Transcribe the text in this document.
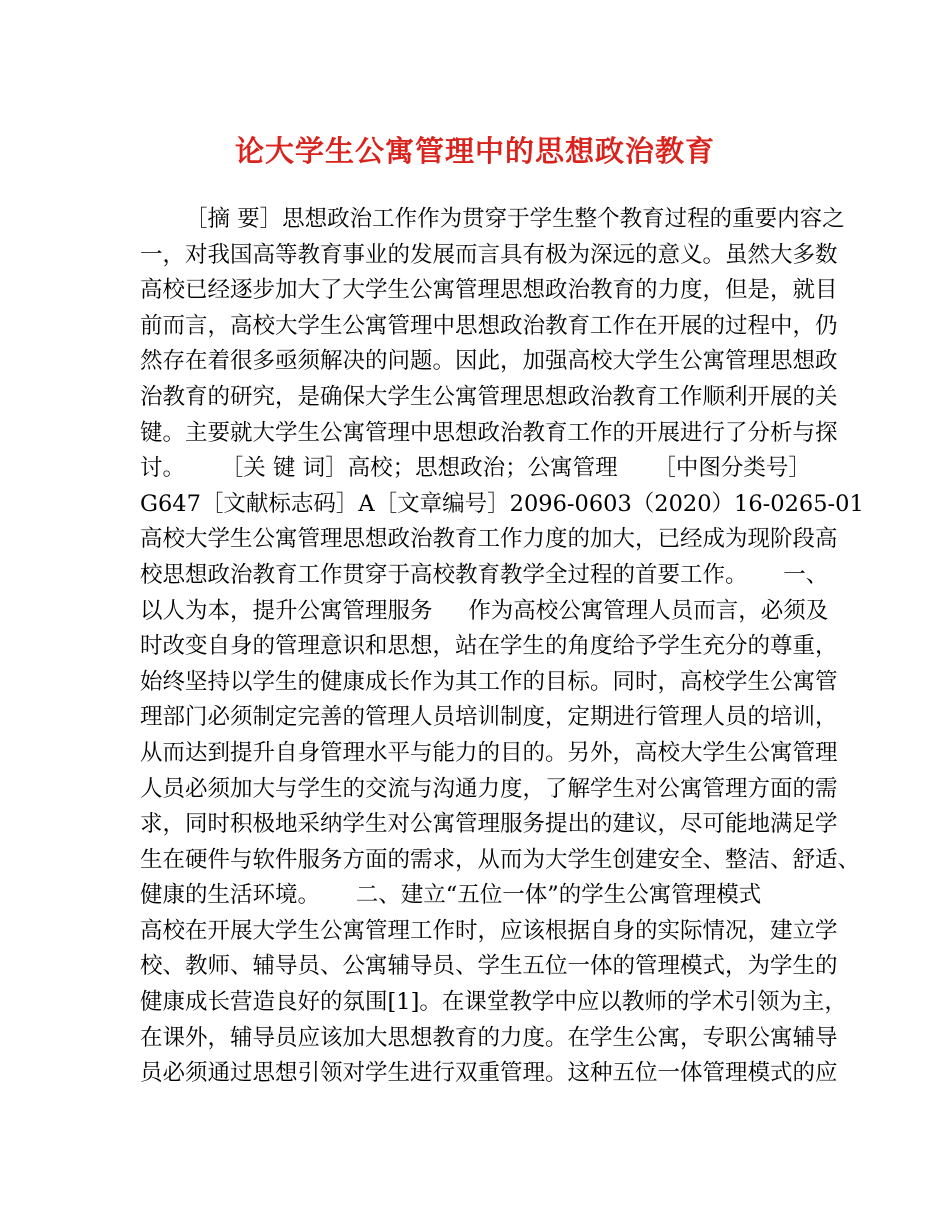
论大学生公寓管理中的思想政治教育
［摘 要］思想政治工作作为贯穿于学生整个教育过程的重要内容之
一，对我国高等教育事业的发展而言具有极为深远的意义。虽然大多数
高校已经逐步加大了大学生公寓管理思想政治教育的力度，但是，就目
前而言，高校大学生公寓管理中思想政治教育工作在开展的过程中，仍
然存在着很多亟须解决的问题。因此，加强高校大学生公寓管理思想政
治教育的研究，是确保大学生公寓管理思想政治教育工作顺利开展的关
键。主要就大学生公寓管理中思想政治教育工作的开展进行了分析与探
讨。     ［关 键 词］高校；思想政治；公寓管理     ［中图分类号］
G647［文献标志码］A［文章编号］2096-0603（2020）16-0265-01
高校大学生公寓管理思想政治教育工作力度的加大，已经成为现阶段高
校思想政治教育工作贯穿于高校教育教学全过程的首要工作。     一、
以人为本，提升公寓管理服务     作为高校公寓管理人员而言，必须及
时改变自身的管理意识和思想，站在学生的角度给予学生充分的尊重，
始终坚持以学生的健康成长作为其工作的目标。同时，高校学生公寓管
理部门必须制定完善的管理人员培训制度，定期进行管理人员的培训，
从而达到提升自身管理水平与能力的目的。另外，高校大学生公寓管理
人员必须加大与学生的交流与沟通力度，了解学生对公寓管理方面的需
求，同时积极地采纳学生对公寓管理服务提出的建议，尽可能地满足学
生在硬件与软件服务方面的需求，从而为大学生创建安全、整洁、舒适、
健康的生活环境。     二、建立“五位一体”的学生公寓管理模式
高校在开展大学生公寓管理工作时，应该根据自身的实际情况，建立学
校、教师、辅导员、公寓辅导员、学生五位一体的管理模式，为学生的
健康成长营造良好的氛围[1]。在课堂教学中应以教师的学术引领为主，
在课外，辅导员应该加大思想教育的力度。在学生公寓，专职公寓辅导
员必须通过思想引领对学生进行双重管理。这种五位一体管理模式的应
